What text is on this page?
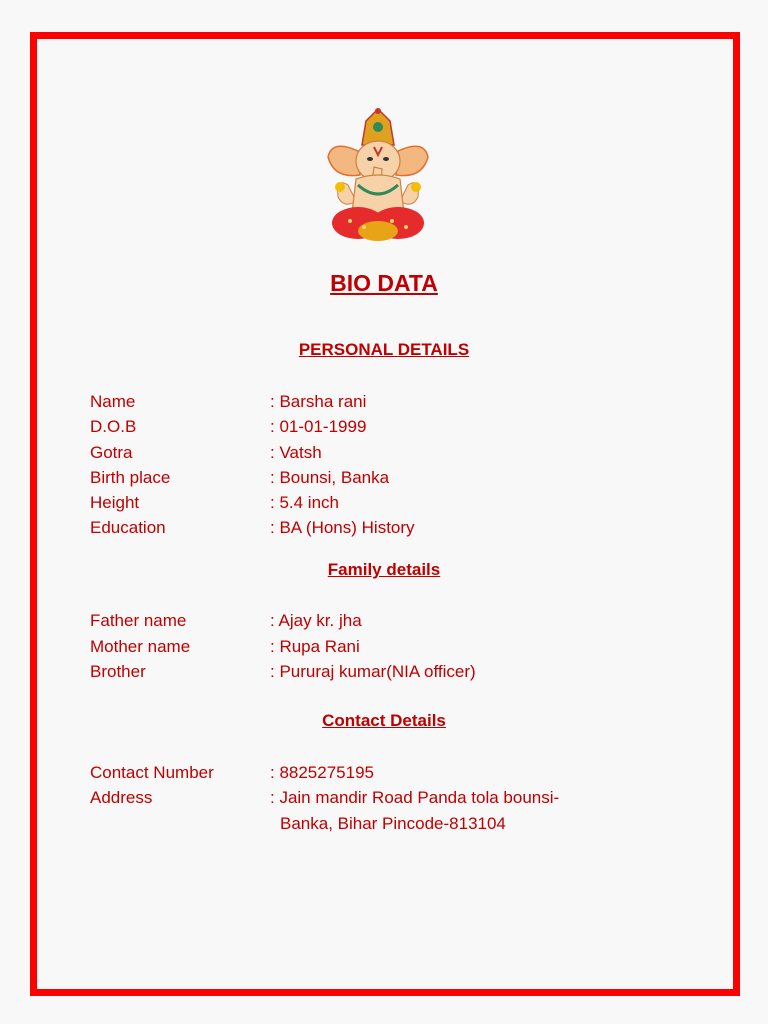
BIO DATA
PERSONAL DETAILS
Name	: Barsha rani
D.O.B	: 01-01-1999
Gotra	: Vatsh
Birth place	: Bounsi, Banka
Height	: 5.4 inch
Education	: BA (Hons) History
Family details
Father name	: Ajay kr. jha
Mother name	: Rupa Rani
Brother	: Pururaj kumar(NIA officer)
Contact Details
Contact Number	: 8825275195
Address	: Jain mandir Road Panda tola bounsi-
Banka, Bihar Pincode-813104
